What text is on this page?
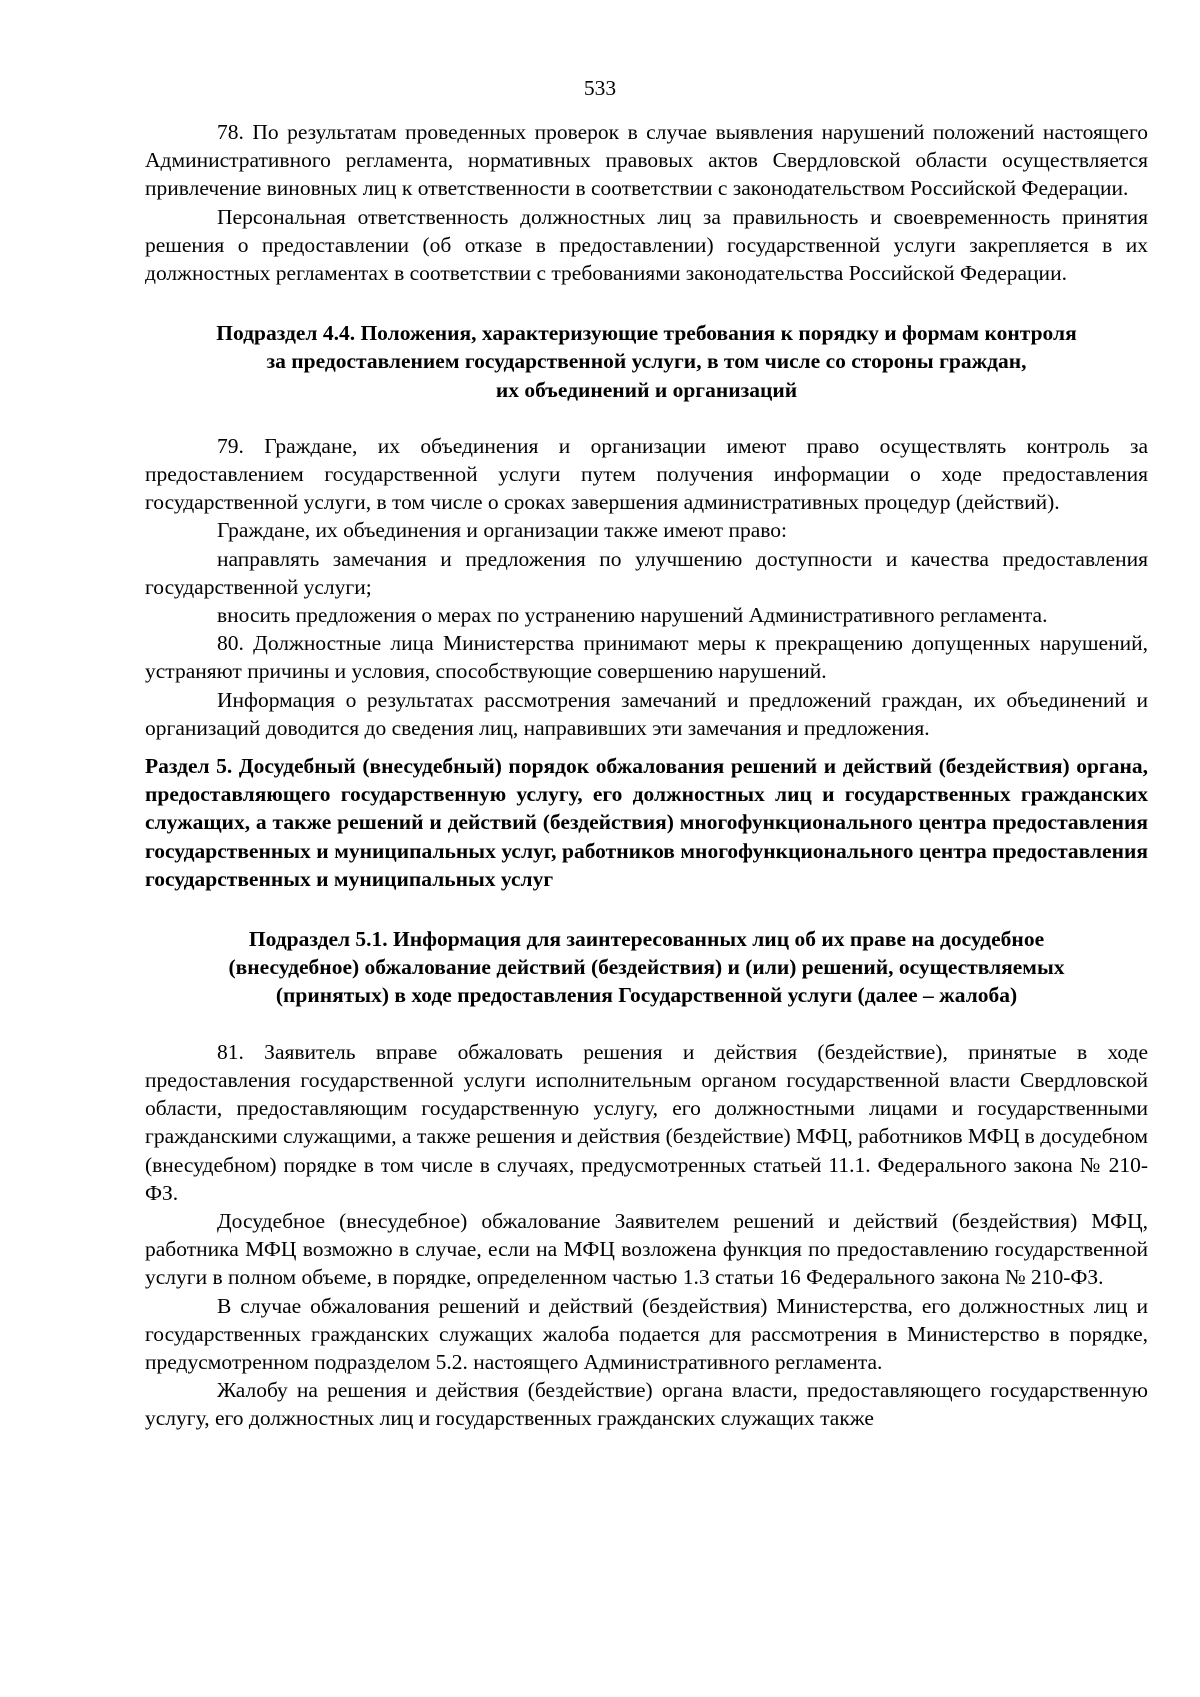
533

78. По результатам проведенных проверок в случае выявления нарушений положений настоящего Административного регламента, нормативных правовых актов Свердловской области осуществляется привлечение виновных лиц к ответственности в соответствии с законодательством Российской Федерации.

Персональная ответственность должностных лиц за правильность и своевременность принятия решения о предоставлении (об отказе в предоставлении) государственной услуги закрепляется в их должностных регламентах в соответствии с требованиями законодательства Российской Федерации.

Подраздел 4.4. Положения, характеризующие требования к порядку и формам контроля
за предоставлением государственной услуги, в том числе со стороны граждан,
их объединений и организаций

79. Граждане, их объединения и организации имеют право осуществлять контроль за предоставлением государственной услуги путем получения информации о ходе предоставления государственной услуги, в том числе о сроках завершения административных процедур (действий).

Граждане, их объединения и организации также имеют право:

направлять замечания и предложения по улучшению доступности и качества предоставления государственной услуги;

вносить предложения о мерах по устранению нарушений Административного регламента.

80. Должностные лица Министерства принимают меры к прекращению допущенных нарушений, устраняют причины и условия, способствующие совершению нарушений.

Информация о результатах рассмотрения замечаний и предложений граждан, их объединений и организаций доводится до сведения лиц, направивших эти замечания и предложения.

Раздел 5. Досудебный (внесудебный) порядок обжалования решений и действий (бездействия) органа, предоставляющего государственную услугу, его должностных лиц и государственных гражданских служащих, а также решений и действий (бездействия) многофункционального центра предоставления государственных и муниципальных услуг, работников многофункционального центра предоставления государственных и муниципальных услуг

Подраздел 5.1. Информация для заинтересованных лиц об их праве на досудебное
(внесудебное) обжалование действий (бездействия) и (или) решений, осуществляемых
(принятых) в ходе предоставления Государственной услуги (далее – жалоба)

81. Заявитель вправе обжаловать решения и действия (бездействие), принятые в ходе предоставления государственной услуги исполнительным органом государственной власти Свердловской области, предоставляющим государственную услугу, его должностными лицами и государственными гражданскими служащими, а также решения и действия (бездействие) МФЦ, работников МФЦ в досудебном (внесудебном) порядке в том числе в случаях, предусмотренных статьей 11.1. Федерального закона № 210-ФЗ.

Досудебное (внесудебное) обжалование Заявителем решений и действий (бездействия) МФЦ, работника МФЦ возможно в случае, если на МФЦ возложена функция по предоставлению государственной услуги в полном объеме, в порядке, определенном частью 1.3 статьи 16 Федерального закона № 210-ФЗ.

В случае обжалования решений и действий (бездействия) Министерства, его должностных лиц и государственных гражданских служащих жалоба подается для рассмотрения в Министерство в порядке, предусмотренном подразделом 5.2. настоящего Административного регламента.

Жалобу на решения и действия (бездействие) органа власти, предоставляющего государственную услугу, его должностных лиц и государственных гражданских служащих также
